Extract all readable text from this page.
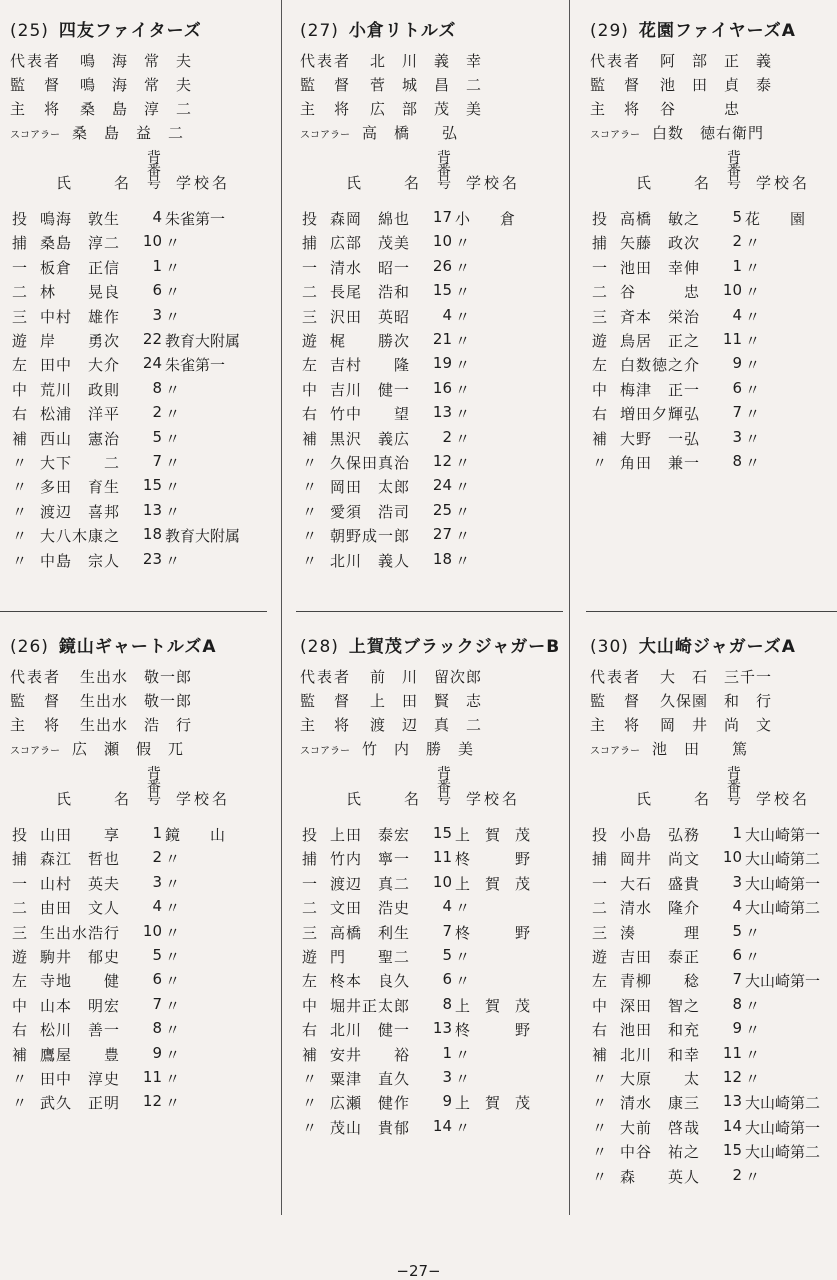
(25) 四友ファイターズ
代表者 鳴　海　常　夫
監　督 鳴　海　常　夫
主　将 桑　島　淳　二
スコアラー 桑　島　益　二
氏	名
背番号 学校名
投 鳴海　敦生	4 朱雀第一
捕 桑島　淳二	10 〃
一 板倉　正信	1 〃
二 林　　晃良	6 〃
三 中村　雄作	3 〃
遊 岸　　勇次	22 教育大附属
左 田中　大介	24 朱雀第一
中 荒川　政則	8 〃
右 松浦　洋平	2 〃
補 西山　憲治	5 〃
〃 大下　　二	7 〃
〃 多田　育生	15 〃
〃 渡辺　喜邦	13 〃
〃 大八木康之	18 教育大附属
〃 中島　宗人	23 〃
(27) 小倉リトルズ
代表者 北　川　義　幸
監　督 菅　城　昌　二
主　将 広　部　茂　美
スコアラー 高　橋　　弘
氏	名
背番号 学校名
投 森岡　綿也	17 小　　倉
捕 広部　茂美	10 〃
一 清水　昭一	26 〃
二 長尾　浩和	15 〃
三 沢田　英昭	4 〃
遊 梶　　勝次	21 〃
左 吉村　　隆	19 〃
中 吉川　健一	16 〃
右 竹中　　望	13 〃
補 黒沢　義広	2 〃
〃 久保田真治	12 〃
〃 岡田　太郎	24 〃
〃 愛須　浩司	25 〃
〃 朝野成一郎	27 〃
〃 北川　義人	18 〃
(29) 花園ファイヤーズA
代表者 阿　部　正　義
監　督 池　田　貞　泰
主　将 谷　　　忠
スコアラー 白数　徳右衛門
氏	名
背番号 学校名
投 高橋　敏之	5 花　　園
捕 矢藤　政次	2 〃
一 池田　幸伸	1 〃
二 谷　　　忠	10 〃
三 斉本　栄治	4 〃
遊 鳥居　正之	11 〃
左 白数徳之介	9 〃
中 梅津　正一	6 〃
右 増田夕輝弘	7 〃
補 大野　一弘	3 〃
〃 角田　兼一	8 〃
(26) 鏡山ギャートルズA
代表者 生出水　敬一郎
監　督 生出水　敬一郎
主　将 生出水　浩　行
スコアラー 広　瀬　假　兀
氏	名
背番号 学校名
投 山田　　享	1 鏡　　山
捕 森江　哲也	2 〃
一 山村　英夫	3 〃
二 由田　文人	4 〃
三 生出水浩行	10 〃
遊 駒井　郁史	5 〃
左 寺地　　健	6 〃
中 山本　明宏	7 〃
右 松川　善一	8 〃
補 鷹屋　　豊	9 〃
〃 田中　淳史	11 〃
〃 武久　正明	12 〃
(28) 上賀茂ブラックジャガーB
代表者 前　川　留次郎
監　督 上　田　賢　志
主　将 渡　辺　真　二
スコアラー 竹　内　勝　美
氏	名
背番号 学校名
投 上田　泰宏	15 上　賀　茂
捕 竹内　寧一	11 柊　　　野
一 渡辺　真二	10 上　賀　茂
二 文田　浩史	4 〃
三 高橋　利生	7 柊　　　野
遊 門　　聖二	5 〃
左 柊本　良久	6 〃
中 堀井正太郎	8 上　賀　茂
右 北川　健一	13 柊　　　野
補 安井　　裕	1 〃
〃 粟津　直久	3 〃
〃 広瀬　健作	9 上　賀　茂
〃 茂山　貴郁	14 〃
(30) 大山崎ジャガーズA
代表者 大　石　三千一
監　督 久保園　和　行
主　将 岡　井　尚　文
スコアラー 池　田　　篤
氏	名
背番号 学校名
投 小島　弘務	1 大山崎第一
捕 岡井　尚文	10 大山崎第二
一 大石　盛貴	3 大山崎第一
二 清水　隆介	4 大山崎第二
三 湊　　　理	5 〃
遊 吉田　泰正	6 〃
左 青柳　　稔	7 大山崎第一
中 深田　智之	8 〃
右 池田　和充	9 〃
補 北川　和幸	11 〃
〃 大原　　太	12 〃
〃 清水　康三	13 大山崎第二
〃 大前　啓哉	14 大山崎第一
〃 中谷　祐之	15 大山崎第二
〃 森　　英人	2 〃
−27−
